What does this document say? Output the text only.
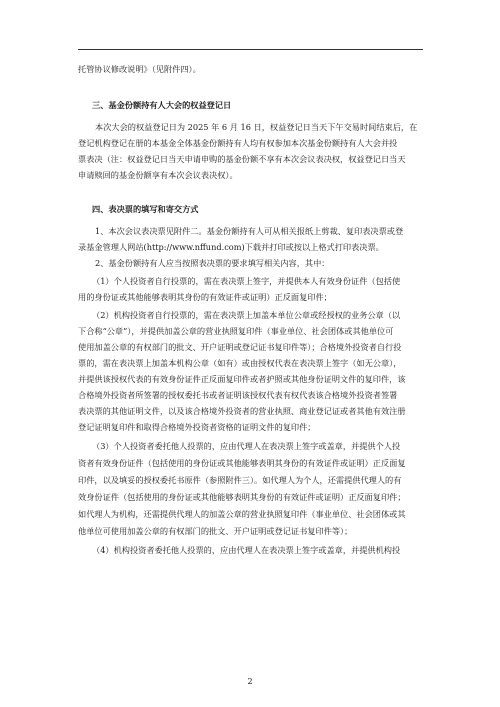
托管协议修改说明》（见附件四）。
三、基金份额持有人大会的权益登记日
本次大会的权益登记日为 2025 年 6 月 16 日，权益登记日当天下午交易时间结束后，在
登记机构登记在册的本基金全体基金份额持有人均有权参加本次基金份额持有人大会并投
票表决（注：权益登记日当天申请申购的基金份额不享有本次会议表决权，权益登记日当天
申请赎回的基金份额享有本次会议表决权）。
四、表决票的填写和寄交方式
1、本次会议表决票见附件二。基金份额持有人可从相关报纸上剪裁、复印表决票或登
录基金管理人网站(http://www.nffund.com)下载并打印或按以上格式打印表决票。
2、基金份额持有人应当按照表决票的要求填写相关内容，其中：
（1）个人投资者自行投票的，需在表决票上签字，并提供本人有效身份证件（包括使
用的身份证或其他能够表明其身份的有效证件或证明）正反面复印件；
（2）机构投资者自行投票的，需在表决票上加盖本单位公章或经授权的业务公章（以
下合称“公章”），并提供加盖公章的营业执照复印件（事业单位、社会团体或其他单位可
使用加盖公章的有权部门的批文、开户证明或登记证书复印件等）；合格境外投资者自行投
票的，需在表决票上加盖本机构公章（如有）或由授权代表在表决票上签字（如无公章），
并提供该授权代表的有效身份证件正反面复印件或者护照或其他身份证明文件的复印件，该
合格境外投资者所签署的授权委托书或者证明该授权代表有权代表该合格境外投资者签署
表决票的其他证明文件，以及该合格境外投资者的营业执照、商业登记证或者其他有效注册
登记证明复印件和取得合格境外投资者资格的证明文件的复印件；
（3）个人投资者委托他人投票的，应由代理人在表决票上签字或盖章，并提供个人投
资者有效身份证件（包括使用的身份证或其他能够表明其身份的有效证件或证明）正反面复
印件，以及填妥的授权委托书原件（参照附件三）。如代理人为个人，还需提供代理人的有
效身份证件（包括使用的身份证或其他能够表明其身份的有效证件或证明）正反面复印件；
如代理人为机构，还需提供代理人的加盖公章的营业执照复印件（事业单位、社会团体或其
他单位可使用加盖公章的有权部门的批文、开户证明或登记证书复印件等）；
（4）机构投资者委托他人投票的，应由代理人在表决票上签字或盖章，并提供机构投
2
